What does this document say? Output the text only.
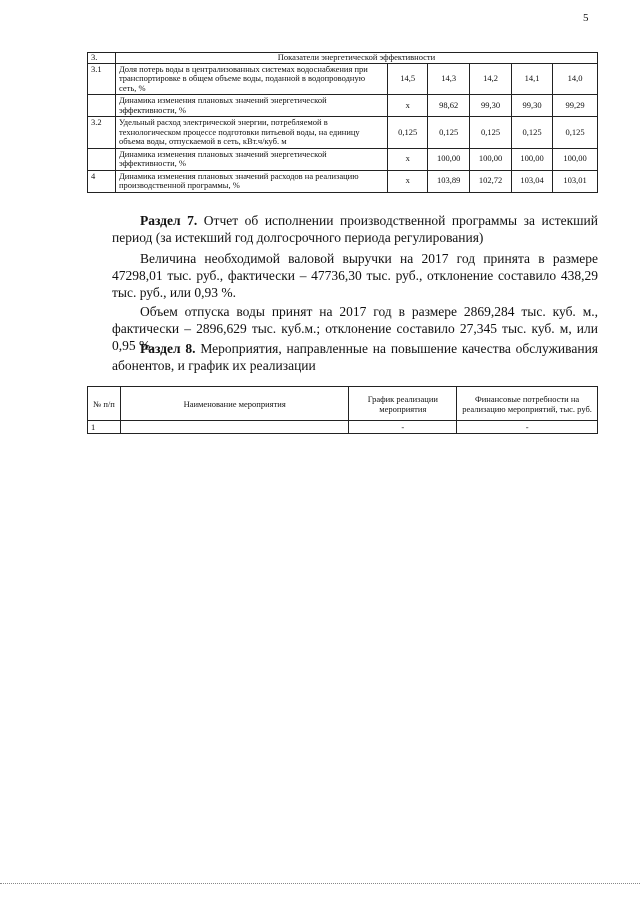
5
3.	Показатели энергетической эффективности					
3.1	Доля потерь воды в централизованных системах водоснабжения при транспортировке в общем объеме воды, поданной в водопроводную сеть, %	14,5	14,3	14,2	14,1	14,0
	Динамика изменения плановых значений энергетической эффективности, %	х	98,62	99,30	99,30	99,29
3.2	Удельный расход электрической энергии, потребляемой в технологическом процессе подготовки питьевой воды, на единицу объема воды, отпускаемой в сеть, кВт.ч/куб. м	0,125	0,125	0,125	0,125	0,125
	Динамика изменения плановых значений энергетической эффективности, %	х	100,00	100,00	100,00	100,00
4	Динамика изменения плановых значений расходов на реализацию производственной программы, %	х	103,89	102,72	103,04	103,01
Раздел 7. Отчет об исполнении производственной программы за истекший период (за истекший год долгосрочного периода регулирования)
Величина необходимой валовой выручки на 2017 год принята в размере 47298,01 тыс. руб., фактически – 47736,30 тыс. руб., отклонение составило 438,29 тыс. руб., или 0,93 %.
Объем отпуска воды принят на 2017 год в размере 2869,284 тыс. куб. м., фактически – 2896,629 тыс. куб.м.; отклонение составило 27,345 тыс. куб. м, или 0,95 %.
Раздел 8. Мероприятия, направленные на повышение качества обслуживания абонентов, и график их реализации
№ п/п	Наименование мероприятия	График реализации мероприятия	Финансовые потребности на реализацию мероприятий, тыс. руб.
1		-	-
